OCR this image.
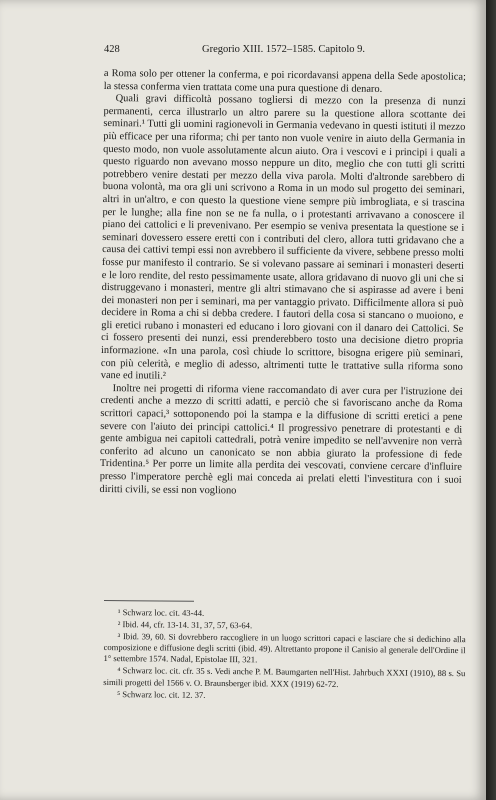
428	Gregorio XIII. 1572–1585. Capitolo 9.

a Roma solo per ottener la conferma, e poi ricordavansi appena della Sede apostolica; la stessa conferma vien trattata come una pura questione di denaro.

Quali gravi difficoltà possano togliersi di mezzo con la presenza di nunzi permanenti, cerca illustrarlo un altro parere su la questione allora scottante dei seminari.¹ Tutti gli uomini ragionevoli in Germania vedevano in questi istituti il mezzo più efficace per una riforma; chi per tanto non vuole venire in aiuto della Germania in questo modo, non vuole assolutamente alcun aiuto. Ora i vescovi e i principi i quali a questo riguardo non avevano mosso neppure un dito, meglio che con tutti gli scritti potrebbero venire destati per mezzo della viva parola. Molti d'altronde sarebbero di buona volontà, ma ora gli uni scrivono a Roma in un modo sul progetto dei seminari, altri in un'altro, e con questo la questione viene sempre più imbrogliata, e si trascina per le lunghe; alla fine non se ne fa nulla, o i protestanti arrivavano a conoscere il piano dei cattolici e li prevenivano. Per esempio se veniva presentata la questione se i seminari dovessero essere eretti con i contributi del clero, allora tutti gridavano che a causa dei cattivi tempi essi non avrebbero il sufficiente da vivere, sebbene presso molti fosse pur manifesto il contrario. Se si volevano passare ai seminari i monasteri deserti e le loro rendite, del resto pessimamente usate, allora gridavano di nuovo gli uni che si distruggevano i monasteri, mentre gli altri stimavano che si aspirasse ad avere i beni dei monasteri non per i seminari, ma per vantaggio privato. Difficilmente allora si può decidere in Roma a chi si debba credere. I fautori della cosa si stancano o muoiono, e gli eretici rubano i monasteri ed educano i loro giovani con il danaro dei Cattolici. Se ci fossero presenti dei nunzi, essi prenderebbero tosto una decisione dietro propria informazione. «In una parola, così chiude lo scrittore, bisogna erigere più seminari, con più celerità, e meglio di adesso, altrimenti tutte le trattative sulla riforma sono vane ed inutili.²

Inoltre nei progetti di riforma viene raccomandato di aver cura per l'istruzione dei credenti anche a mezzo di scritti adatti, e perciò che si favoriscano anche da Roma scrittori capaci,³ sottoponendo poi la stampa e la diffusione di scritti eretici a pene severe con l'aiuto dei principi cattolici.⁴ Il progressivo penetrare di protestanti e di gente ambigua nei capitoli cattedrali, potrà venire impedito se nell'avvenire non verrà conferito ad alcuno un canonicato se non abbia giurato la professione di fede Tridentina.⁵ Per porre un limite alla perdita dei vescovati, conviene cercare d'influire presso l'imperatore perchè egli mai conceda ai prelati eletti l'investitura con i suoi diritti civili, se essi non vogliono

¹ Schwarz loc. cit. 43-44.
² Ibid. 44, cfr. 13-14. 31, 37, 57, 63-64.
³ Ibid. 39, 60. Si dovrebbero raccogliere in un luogo scrittori capaci e lasciare che si dedichino alla composizione e diffusione degli scritti (ibid. 49). Altrettanto propone il Canisio al generale dell'Ordine il 1° settembre 1574. Nadal, Epistolae III, 321.
⁴ Schwarz loc. cit. cfr. 35 s. Vedi anche P. M. Baumgarten nell'Hist. Jahrbuch XXXI (1910), 88 s. Su simili progetti del 1566 v. O. Braunsberger ibid. XXX (1919) 62-72.
⁵ Schwarz loc. cit. 12. 37.
